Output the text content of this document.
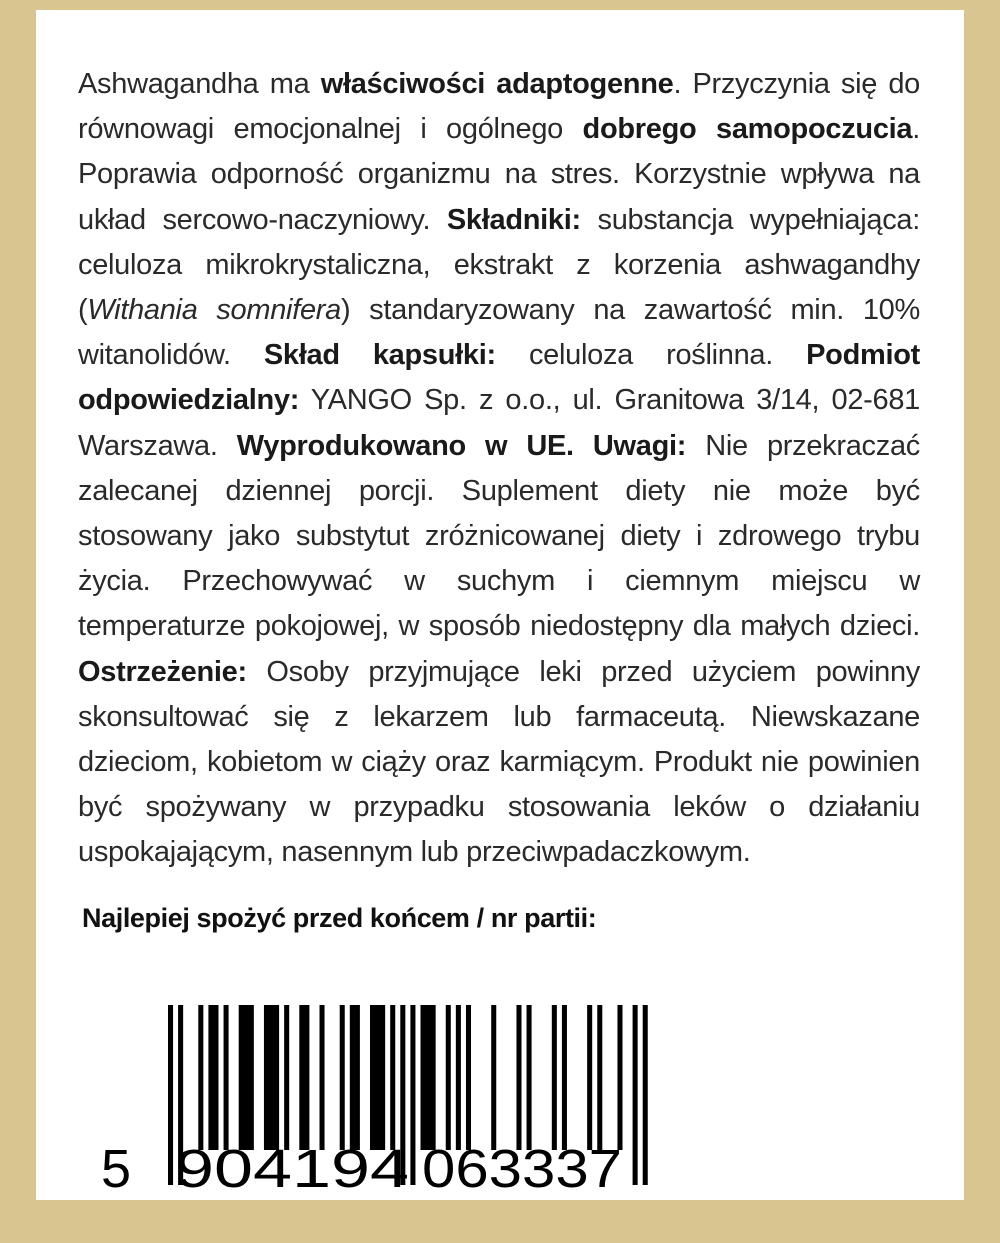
Ashwagandha ma właściwości adaptogenne. Przyczynia się do równowagi emocjonalnej i ogólnego dobrego samopoczucia. Poprawia odporność organizmu na stres. Korzystnie wpływa na układ sercowo-naczyniowy. Składniki: substancja wypełniająca: celuloza mikrokrystaliczna, ekstrakt z korzenia ashwagandhy (Withania somnifera) standaryzowany na zawartość min. 10% witanolidów. Skład kapsułki: celuloza roślinna. Podmiot odpowiedzialny: YANGO Sp. z o.o., ul. Granitowa 3/14, 02-681 Warszawa. Wyprodukowano w UE. Uwagi: Nie przekraczać zalecanej dziennej porcji. Suplement diety nie może być stosowany jako substytut zróżnicowanej diety i zdrowego trybu życia. Przechowywać w suchym i ciemnym miejscu w temperaturze pokojowej, w sposób niedostępny dla małych dzieci. Ostrzeżenie: Osoby przyjmujące leki przed użyciem powinny skonsultować się z lekarzem lub farmaceutą. Niewskazane dzieciom, kobietom w ciąży oraz karmiącym. Produkt nie powinien być spożywany w przypadku stosowania leków o działaniu uspokajającym, nasennym lub przeciwpadaczkowym.

Najlepiej spożyć przed końcem / nr partii:
5 904194 063337
